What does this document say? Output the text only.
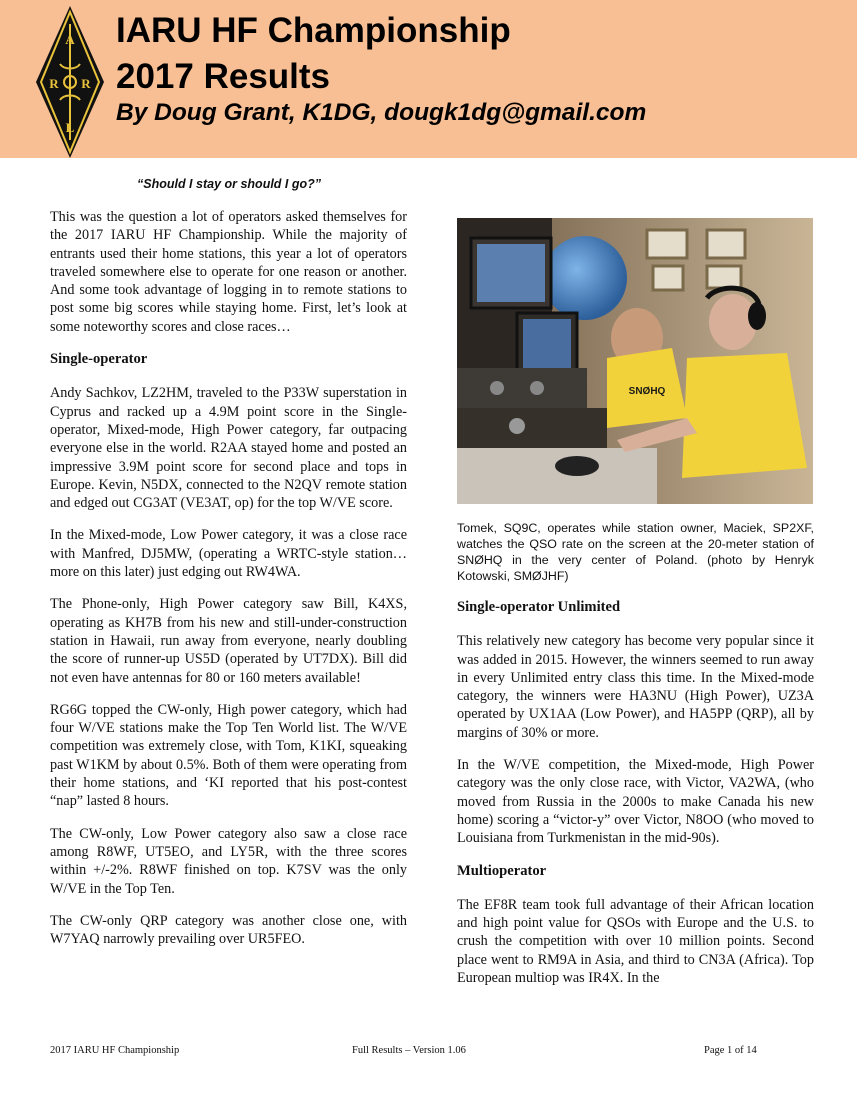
A
R R
L
IARU HF Championship
2017 Results
By Doug Grant, K1DG, dougk1dg@gmail.com
“Should I stay or should I go?”

This was the question a lot of operators asked themselves for the 2017 IARU HF Championship. While the majority of entrants used their home stations, this year a lot of operators traveled somewhere else to operate for one reason or another. And some took advantage of logging in to remote stations to post some big scores while staying home. First, let’s look at some noteworthy scores and close races…

Single-operator

Andy Sachkov, LZ2HM, traveled to the P33W superstation in Cyprus and racked up a 4.9M point score in the Single-operator, Mixed-mode, High Power category, far outpacing everyone else in the world. R2AA stayed home and posted an impressive 3.9M point score for second place and tops in Europe. Kevin, N5DX, connected to the N2QV remote station and edged out CG3AT (VE3AT, op) for the top W/VE score.

In the Mixed-mode, Low Power category, it was a close race with Manfred, DJ5MW, (operating a WRTC-style station…more on this later) just edging out RW4WA.

The Phone-only, High Power category saw Bill, K4XS, operating as KH7B from his new and still-under-construction station in Hawaii, run away from everyone, nearly doubling the score of runner-up US5D (operated by UT7DX). Bill did not even have antennas for 80 or 160 meters available!

RG6G topped the CW-only, High power category, which had four W/VE stations make the Top Ten World list. The W/VE competition was extremely close, with Tom, K1KI, squeaking past W1KM by about 0.5%. Both of them were operating from their home stations, and ‘KI reported that his post-contest “nap” lasted 8 hours.

The CW-only, Low Power category also saw a close race among R8WF, UT5EO, and LY5R, with the three scores within +/-2%. R8WF finished on top. K7SV was the only W/VE in the Top Ten.

The CW-only QRP category was another close one, with W7YAQ narrowly prevailing over UR5FEO.

SNØHQ

Tomek, SQ9C, operates while station owner, Maciek, SP2XF, watches the QSO rate on the screen at the 20-meter station of SNØHQ in the very center of Poland. (photo by Henryk Kotowski, SMØJHF)

Single-operator Unlimited

This relatively new category has become very popular since it was added in 2015. However, the winners seemed to run away in every Unlimited entry class this time. In the Mixed-mode category, the winners were HA3NU (High Power), UZ3A operated by UX1AA (Low Power), and HA5PP (QRP), all by margins of 30% or more.

In the W/VE competition, the Mixed-mode, High Power category was the only close race, with Victor, VA2WA, (who moved from Russia in the 2000s to make Canada his new home) scoring a “victor-y” over Victor, N8OO (who moved to Louisiana from Turkmenistan in the mid-90s).

Multioperator

The EF8R team took full advantage of their African location and high point value for QSOs with Europe and the U.S. to crush the competition with over 10 million points. Second place went to RM9A in Asia, and third to CN3A (Africa). Top European multiop was IR4X. In the

2017 IARU HF Championship	Full Results – Version 1.06	Page 1 of 14
